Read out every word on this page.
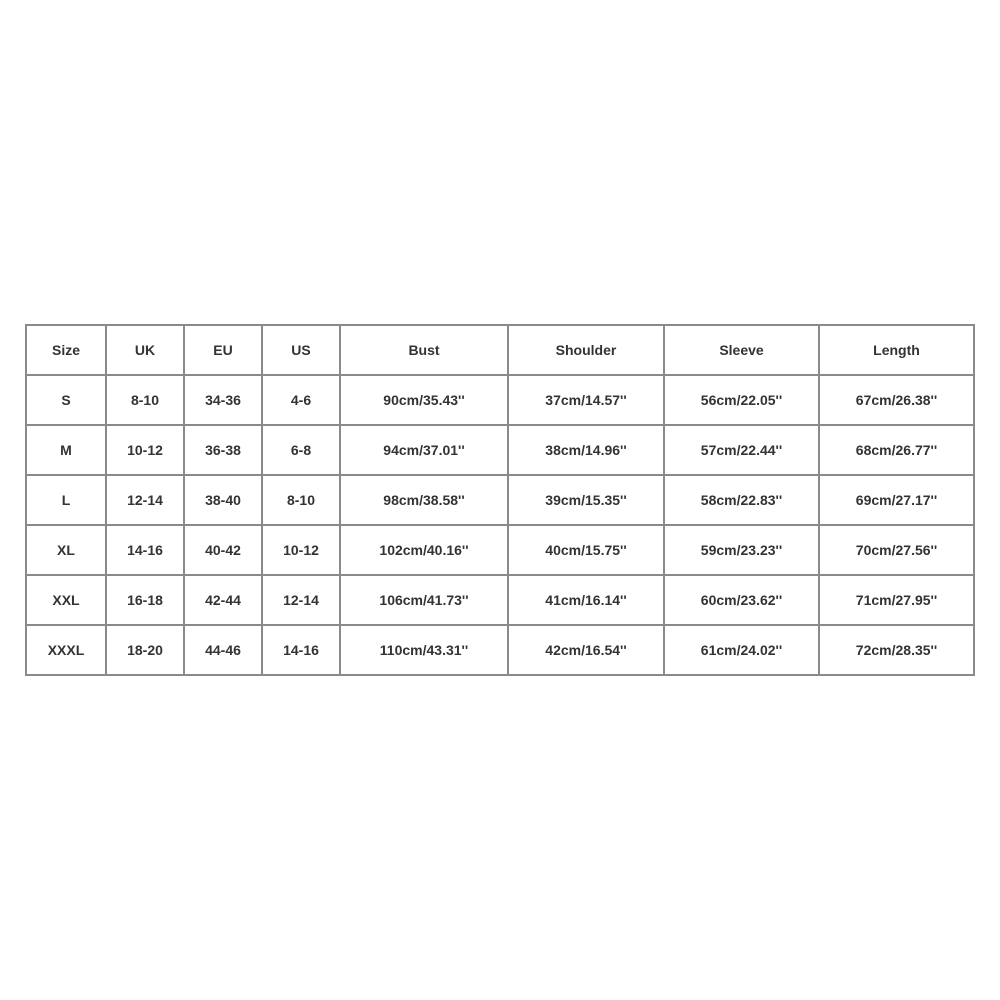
Size	UK	EU	US	Bust	Shoulder	Sleeve	Length
S	8-10	34-36	4-6	90cm/35.43''	37cm/14.57''	56cm/22.05''	67cm/26.38''
M	10-12	36-38	6-8	94cm/37.01''	38cm/14.96''	57cm/22.44''	68cm/26.77''
L	12-14	38-40	8-10	98cm/38.58''	39cm/15.35''	58cm/22.83''	69cm/27.17''
XL	14-16	40-42	10-12	102cm/40.16''	40cm/15.75''	59cm/23.23''	70cm/27.56''
XXL	16-18	42-44	12-14	106cm/41.73''	41cm/16.14''	60cm/23.62''	71cm/27.95''
XXXL	18-20	44-46	14-16	110cm/43.31''	42cm/16.54''	61cm/24.02''	72cm/28.35''
